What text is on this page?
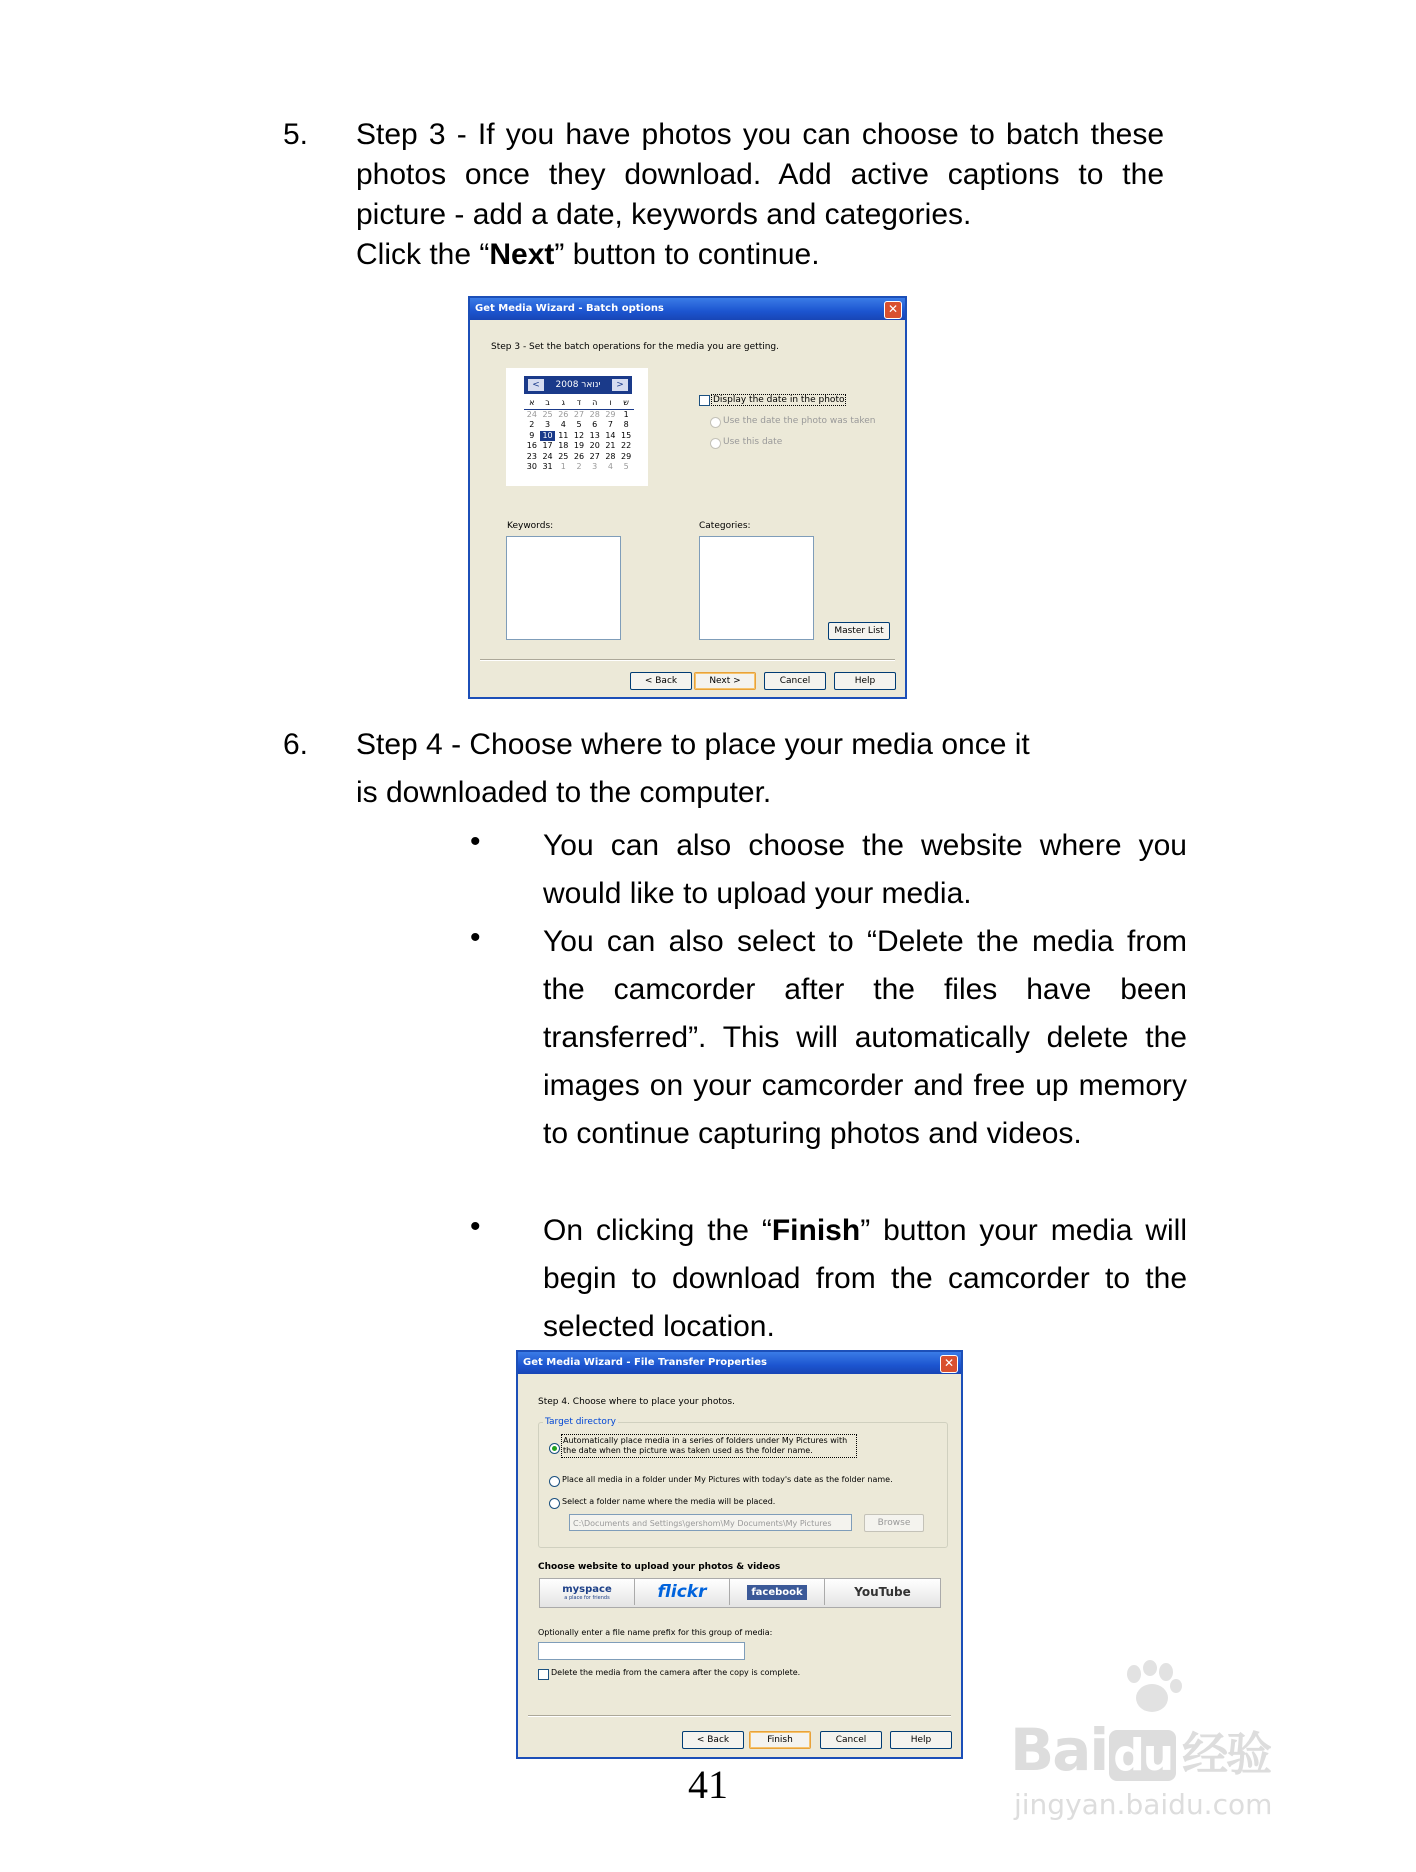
5. Step 3 - If you have photos you can choose to batch these photos once they download. Add active captions to the picture - add a date, keywords and categories.
Click the “Next” button to continue.
Get Media Wizard - Batch options	✕
Step 3 - Set the batch operations for the media you are getting.
<	2008 ינואר	>
א	ב	ג	ד	ה	ו	ש
24 25 26 27 28 29	1
2	3	4	5	6	7	8
9	10 11 12 13 14 15
16 17 18 19 20 21 22
23 24 25 26 27 28 29
30 31	1	2	3	4	5
Display the date in the photo
Use the date the photo was taken
Use this date
Keywords:	Categories:
Master List
< Back	Next >	Cancel	Help
6. Step 4 - Choose where to place your media once it
is downloaded to the computer.
• You can also choose the website where you would like to upload your media.
• You can also select to “Delete the media from the camcorder after the files have been transferred”. This will automatically delete the images on your camcorder and free up memory to continue capturing photos and videos.
• On clicking the “Finish” button your media will begin to download from the camcorder to the selected location.
Get Media Wizard - File Transfer Properties	✕
Step 4. Choose where to place your photos.
Target directory
Automatically place media in a series of folders under My Pictures with
the date when the picture was taken used as the folder name.
Place all media in a folder under My Pictures with today's date as the folder name.
Select a folder name where the media will be placed.
C:\Documents and Settings\gershom\My Documents\My Pictures	Browse
Choose website to upload your photos & videos
myspace
a place for friends	flickr	facebook	YouTube
Optionally enter a file name prefix for this group of media:
Delete the media from the camera after the copy is complete.
< Back	Finish	Cancel	Help
41
Bai du 经验
jingyan.baidu.com
